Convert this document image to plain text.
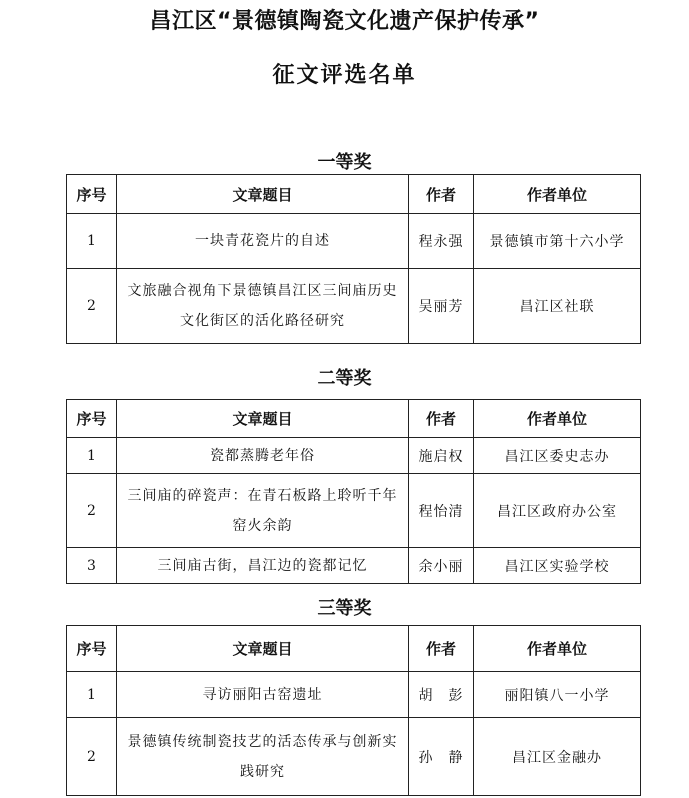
昌江区“景德镇陶瓷文化遗产保护传承”
征文评选名单
一等奖
序号	文章题目	作者	作者单位
1	一块青花瓷片的自述	程永强	景德镇市第十六小学
2	文旅融合视角下景德镇昌江区三间庙历史文化街区的活化路径研究	吴丽芳	昌江区社联
二等奖
序号	文章题目	作者	作者单位
1	瓷都蒸腾老年俗	施启权	昌江区委史志办
2	三间庙的碎瓷声：在青石板路上聆听千年窑火余韵	程怡清	昌江区政府办公室
3	三间庙古街，昌江边的瓷都记忆	余小丽	昌江区实验学校
三等奖
序号	文章题目	作者	作者单位
1	寻访丽阳古窑遗址	胡　彭	丽阳镇八一小学
2	景德镇传统制瓷技艺的活态传承与创新实践研究	孙　静	昌江区金融办
